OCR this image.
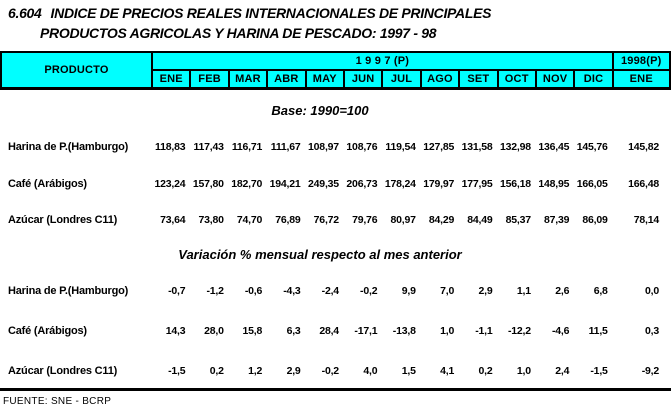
6.604 INDICE DE PRECIOS REALES INTERNACIONALES DE PRINCIPALES
PRODUCTOS AGRICOLAS Y HARINA DE PESCADO: 1997 - 98
PRODUCTO	1 9 9 7 (P)												1998(P)
	ENE	FEB	MAR	ABR	MAY	JUN	JUL	AGO	SET	OCT	NOV	DIC	ENE
Base: 1990=100
Harina de P.(Hamburgo)	118,83 117,43 116,71 111,67 108,97 108,76 119,54 127,85 131,58 132,98 136,45 145,76	145,82
Café (Arábigos)	123,24 157,80 182,70 194,21 249,35 206,73 178,24 179,97 177,95 156,18 148,95 166,05	166,48
Azúcar (Londres C11)	73,64	73,80	74,70	76,89	76,72	79,76	80,97	84,29	84,49	85,37	87,39	86,09	78,14
Variación % mensual respecto al mes anterior
Harina de P.(Hamburgo)	-0,7	-1,2	-0,6	-4,3	-2,4	-0,2	9,9	7,0	2,9	1,1	2,6	6,8	0,0
Café (Arábigos)	14,3	28,0	15,8	6,3	28,4	-17,1	-13,8	1,0	-1,1	-12,2	-4,6	11,5	0,3
Azúcar (Londres C11)	-1,5	0,2	1,2	2,9	-0,2	4,0	1,5	4,1	0,2	1,0	2,4	-1,5	-9,2
FUENTE: SNE - BCRP
